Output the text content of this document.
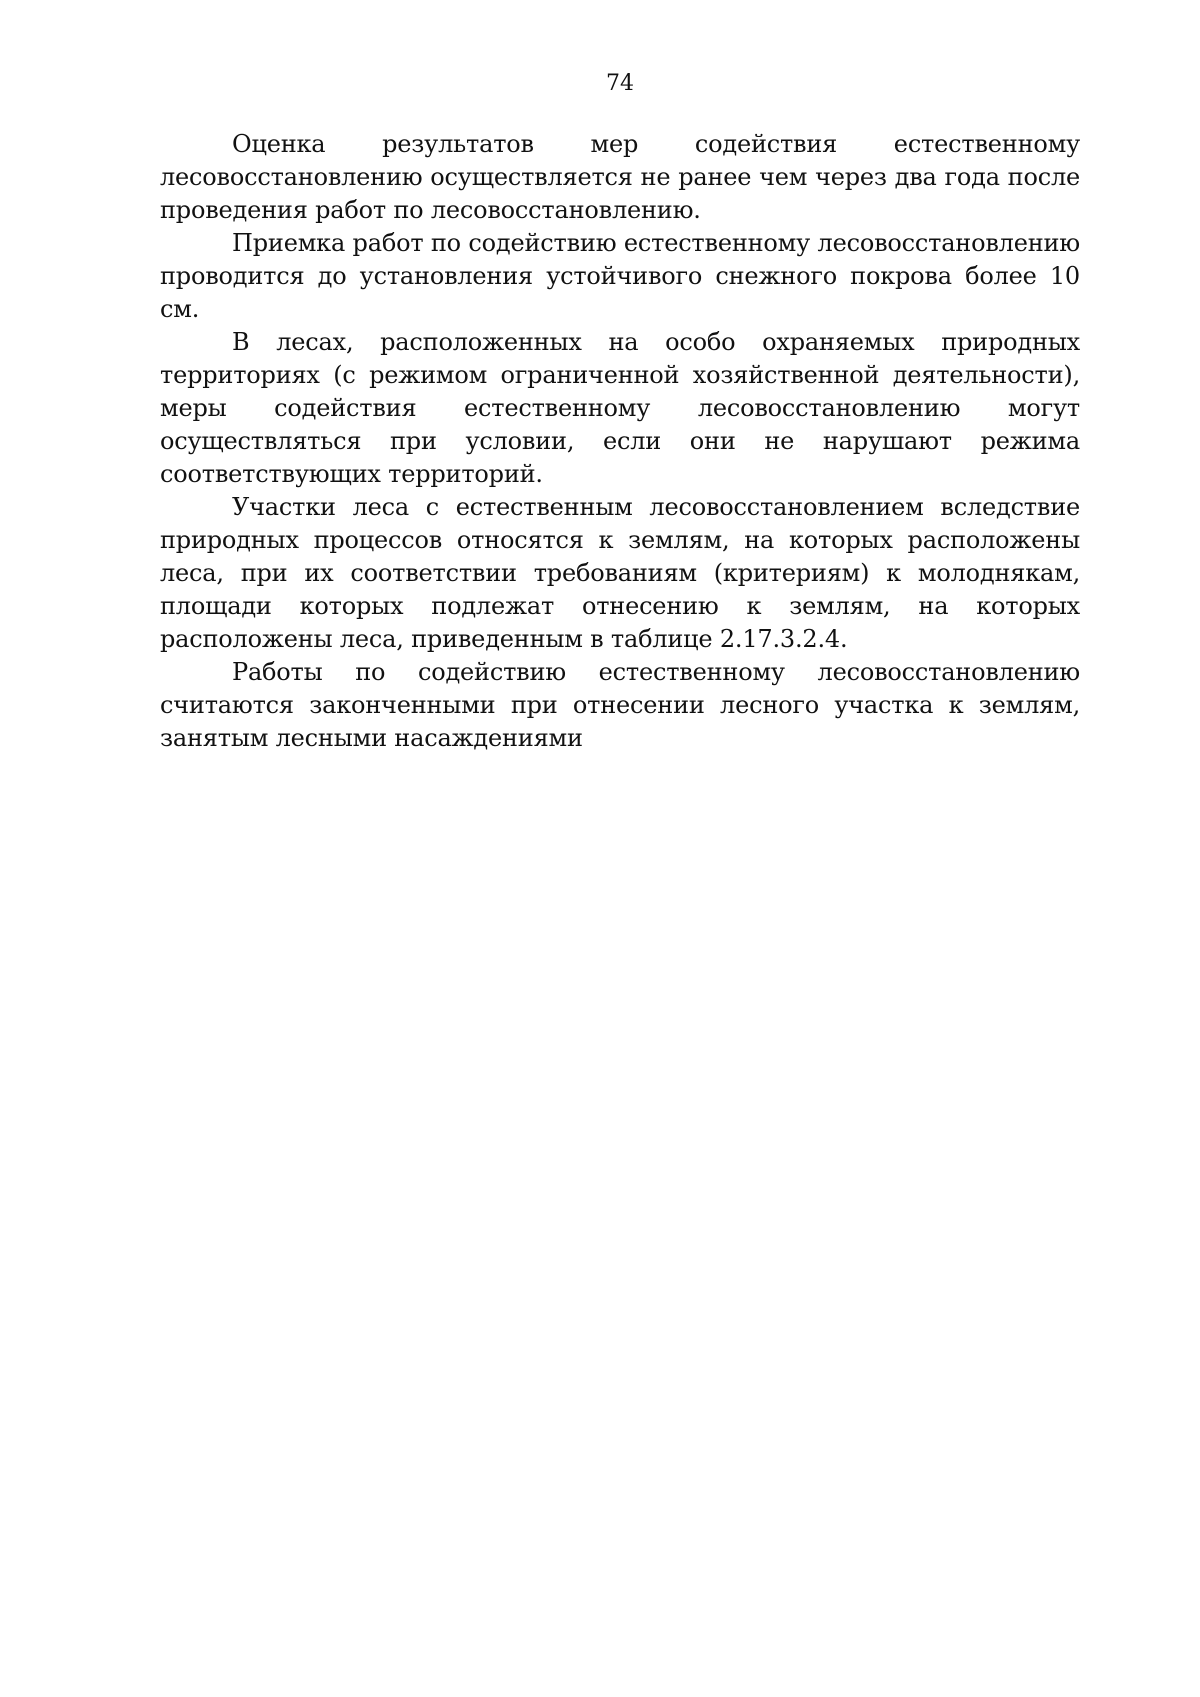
74

Оценка результатов мер содействия естественному лесовосстановлению осуществляется не ранее чем через два года после проведения работ по лесовосстановлению.

Приемка работ по содействию естественному лесовосстановлению проводится до установления устойчивого снежного покрова более 10 см.

В лесах, расположенных на особо охраняемых природных территориях (с режимом ограниченной хозяйственной деятельности), меры содействия естественному лесовосстановлению могут осуществляться при условии, если они не нарушают режима соответствующих территорий.

Участки леса с естественным лесовосстановлением вследствие природных процессов относятся к землям, на которых расположены леса, при их соответствии требованиям (критериям) к молоднякам, площади которых подлежат отнесению к землям, на которых расположены леса, приведенным в таблице 2.17.3.2.4.

Работы по содействию естественному лесовосстановлению считаются законченными при отнесении лесного участка к землям, занятым лесными насаждениями
